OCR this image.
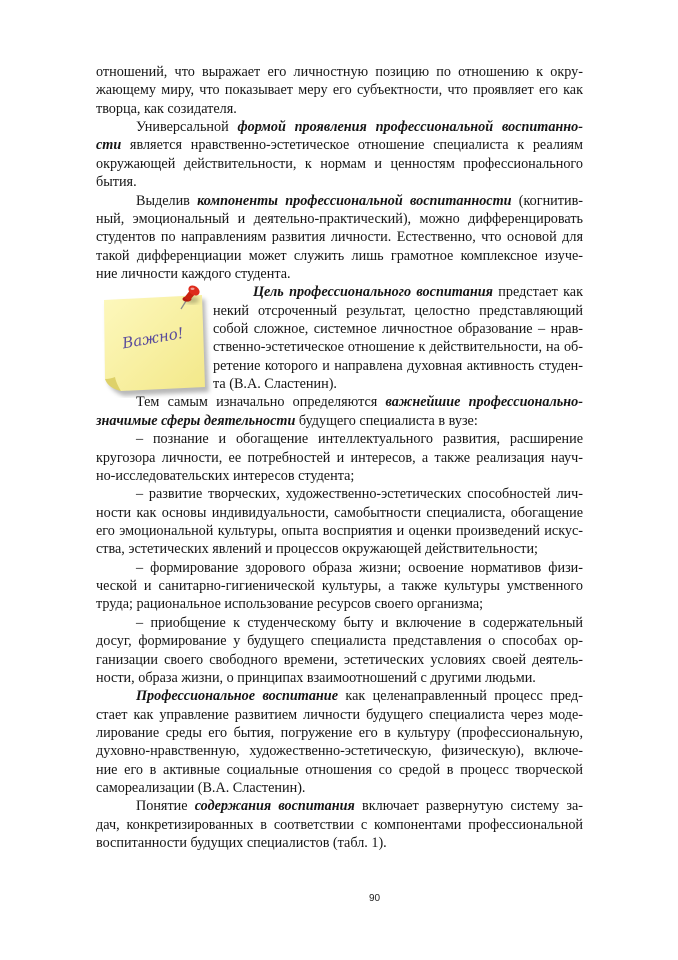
отношений, что выражает его личностную позицию по отношению к окру-
жающему миру, что показывает меру его субъектности, что проявляет его как
творца, как созидателя.
Универсальной формой проявления профессиональной воспитанно-
сти является нравственно-эстетическое отношение специалиста к реалиям
окружающей действительности, к нормам и ценностям профессионального
бытия.
Выделив компоненты профессиональной воспитанности (когнитив-
ный, эмоциональный и деятельно-практический), можно дифференцировать
студентов по направлениям развития личности. Естественно, что основой для
такой дифференциации может служить лишь грамотное комплексное изуче-
ние личности каждого студента.
Цель профессионального воспитания предстает как
некий отсроченный результат, целостно представляющий
собой сложное, системное личностное образование – нрав-
ственно-эстетическое отношение к действительности, на об-
ретение которого и направлена духовная активность студен-
та (В.А. Сластенин).
Тем самым изначально определяются важнейшие профессионально-
значимые сферы деятельности будущего специалиста в вузе:
– познание и обогащение интеллектуального развития, расширение
кругозора личности, ее потребностей и интересов, а также реализация науч-
но-исследовательских интересов студента;
– развитие творческих, художественно-эстетических способностей лич-
ности как основы индивидуальности, самобытности специалиста, обогащение
его эмоциональной культуры, опыта восприятия и оценки произведений искус-
ства, эстетических явлений и процессов окружающей действительности;
– формирование здорового образа жизни; освоение нормативов физи-
ческой и санитарно-гигиенической культуры, а также культуры умственного
труда; рациональное использование ресурсов своего организма;
– приобщение к студенческому быту и включение в содержательный
досуг, формирование у будущего специалиста представления о способах ор-
ганизации своего свободного времени, эстетических условиях своей деятель-
ности, образа жизни, о принципах взаимоотношений с другими людьми.
Профессиональное воспитание как целенаправленный процесс пред-
стает как управление развитием личности будущего специалиста через моде-
лирование среды его бытия, погружение его в культуру (профессиональную,
духовно-нравственную, художественно-эстетическую, физическую), включе-
ние его в активные социальные отношения со средой в процесс творческой
самореализации (В.А. Сластенин).
Понятие содержания воспитания включает развернутую систему за-
дач, конкретизированных в соответствии с компонентами профессиональной
воспитанности будущих специалистов (табл. 1).
Важно!
90
